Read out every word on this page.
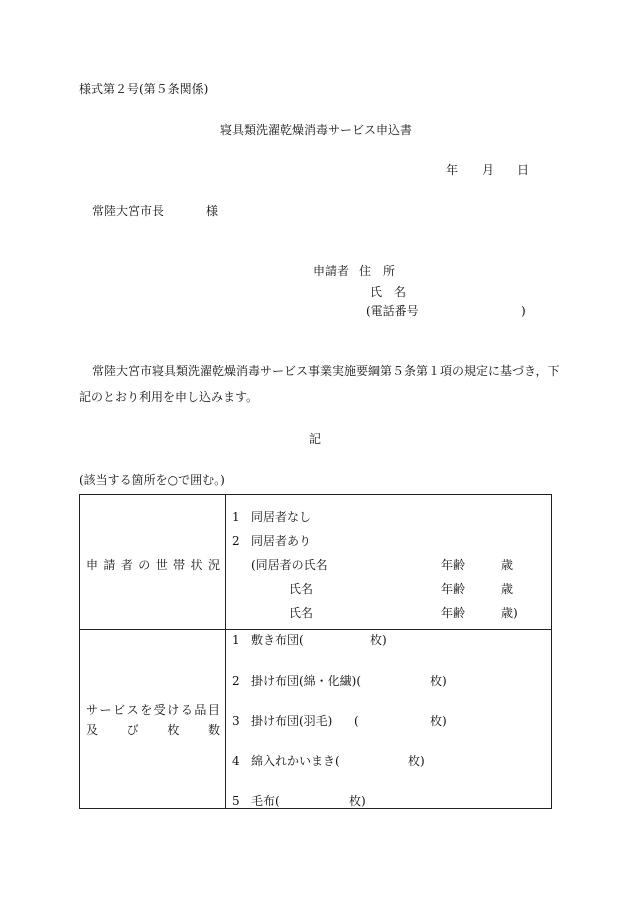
様式第２号(第５条関係)
寝具類洗濯乾燥消毒サービス申込書
年 月 日
常陸大宮市長	様
申請者 住　所
氏　名
(電話番号	)
常陸大宮市寝具類洗濯乾燥消毒サービス事業実施要綱第５条第１項の規定に基づき，下
記のとおり利用を申し込みます。
記
(該当する箇所を○で囲む。)
申 請 者 の 世 帯 状 況
1 同居者なし
2 同居者あり
(同居者の氏名	年齢	歳
氏名	年齢	歳
氏名	年齢	歳)
サ ー ビ ス を 受 け る 品 目
及 び 枚 数
1 敷き布団(	枚)
2 掛け布団(綿・化繊)(	枚)
3 掛け布団(羽毛) (	枚)
4 綿入れかいまき(	枚)
5 毛布(	枚)
